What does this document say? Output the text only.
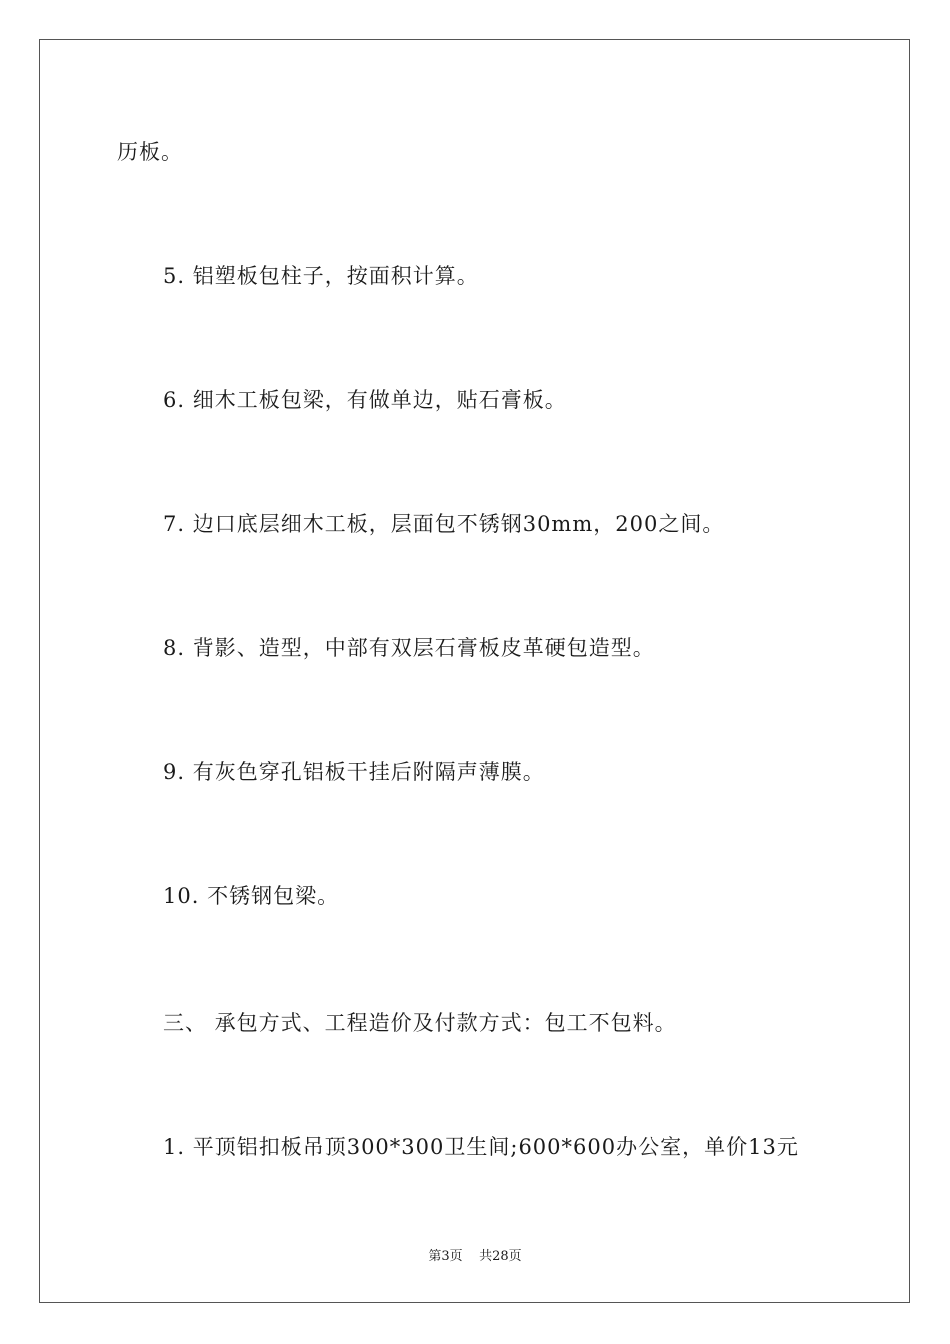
历板。
5. 铝塑板包柱子，按面积计算。
6. 细木工板包梁，有做单边，贴石膏板。
7. 边口底层细木工板，层面包不锈钢30mm，200之间。
8. 背影、造型，中部有双层石膏板皮革硬包造型。
9. 有灰色穿孔铝板干挂后附隔声薄膜。
10. 不锈钢包梁。
三、 承包方式、工程造价及付款方式：包工不包料。
1. 平顶铝扣板吊顶300*300卫生间;600*600办公室，单价13元
第3页 共28页
